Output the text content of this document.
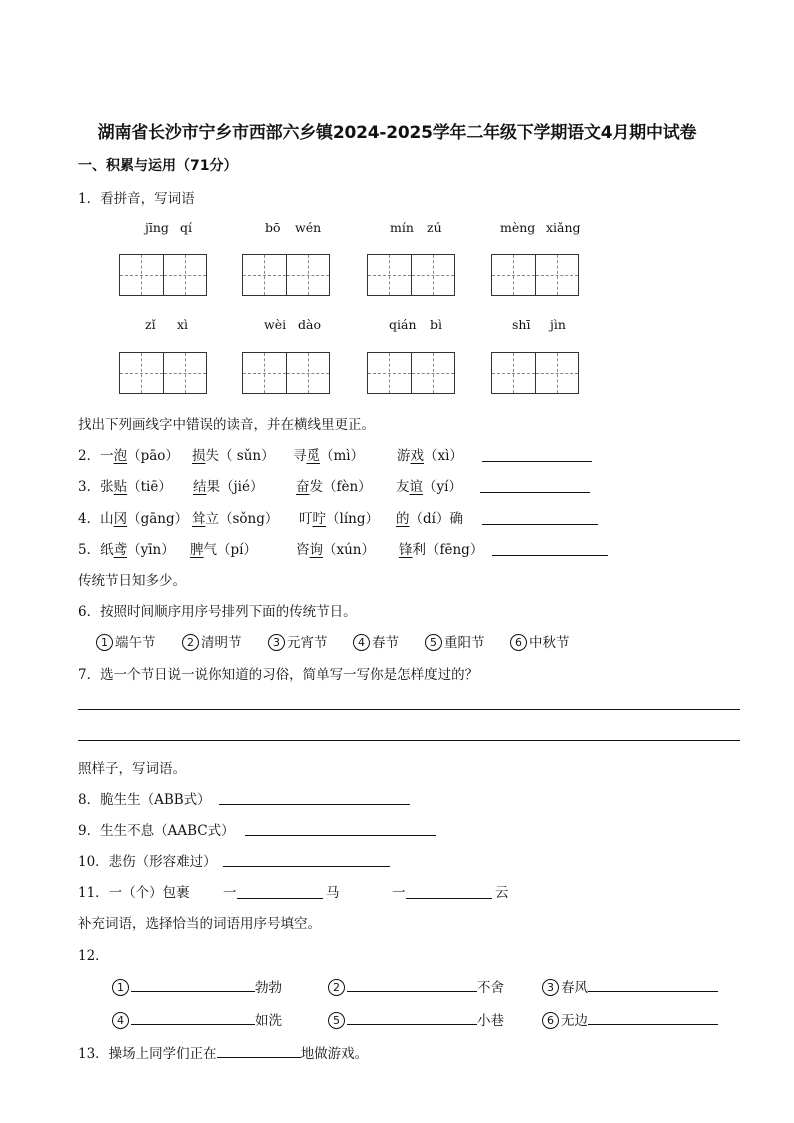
湖南省长沙市宁乡市西部六乡镇2024-2025学年二年级下学期语文4月期中试卷
一、积累与运用（71分）
1．看拼音，写词语
jīng qí	bō wén	mín zú	mèng xiǎng
zǐ xì	wèi dào	qián bì	shī jìn
找出下列画线字中错误的读音，并在横线里更正。
2．一泡（pāo） 损失（ sǔn） 寻觅（mì） 游戏（xì）
3．张贴（tiē） 结果（jié） 奋发（fèn） 友谊（yí）
4．山冈（gāng） 耸立（sǒng） 叮咛（líng） 的（dí）确
5．纸鸢（yīn） 脾气（pí）	咨询（xún） 锋利（fēng）
传统节日知多少。
6．按照时间顺序用序号排列下面的传统节日。
1 端午节	2 清明节	3 元宵节	4 春节	5 重阳节	6 中秋节
7．选一个节日说一说你知道的习俗，简单写一写你是怎样度过的？
照样子，写词语。
8．脆生生（ABB式）
9．生生不息（AABC式）
10．悲伤（形容难过）
11．一（个）包裹 一	马	一	云
补充词语，选择恰当的词语用序号填空。
12．
1	勃勃	2	不舍	3 春风
4	如洗	5	小巷	6 无边
13．操场上同学们正在	地做游戏。
